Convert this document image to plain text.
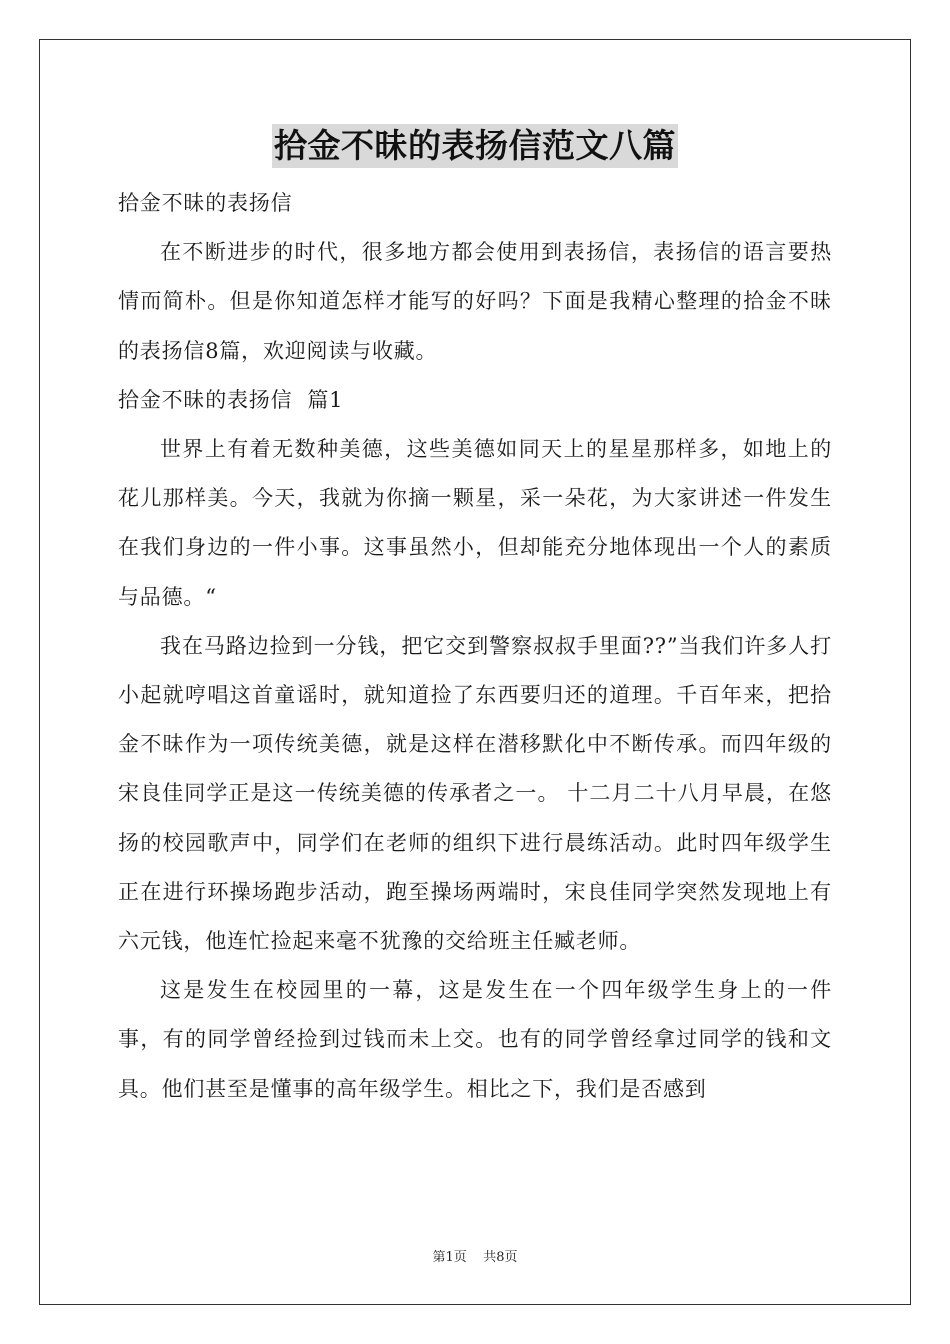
拾金不昧的表扬信范文八篇

拾金不昧的表扬信

在不断进步的时代，很多地方都会使用到表扬信，表扬信的语言要热情而简朴。但是你知道怎样才能写的好吗？下面是我精心整理的拾金不昧的表扬信8篇，欢迎阅读与收藏。

拾金不昧的表扬信  篇1

世界上有着无数种美德，这些美德如同天上的星星那样多，如地上的花儿那样美。今天，我就为你摘一颗星，采一朵花，为大家讲述一件发生在我们身边的一件小事。这事虽然小，但却能充分地体现出一个人的素质与品德。“

我在马路边捡到一分钱，把它交到警察叔叔手里面??”当我们许多人打小起就哼唱这首童谣时，就知道捡了东西要归还的道理。千百年来，把拾金不昧作为一项传统美德，就是这样在潜移默化中不断传承。而四年级的宋良佳同学正是这一传统美德的传承者之一。 十二月二十八月早晨，在悠扬的校园歌声中，同学们在老师的组织下进行晨练活动。此时四年级学生正在进行环操场跑步活动，跑至操场两端时，宋良佳同学突然发现地上有六元钱，他连忙捡起来毫不犹豫的交给班主任臧老师。

这是发生在校园里的一幕，这是发生在一个四年级学生身上的一件事，有的同学曾经捡到过钱而未上交。也有的同学曾经拿过同学的钱和文具。他们甚至是懂事的高年级学生。相比之下，我们是否感到

第1页    共8页
